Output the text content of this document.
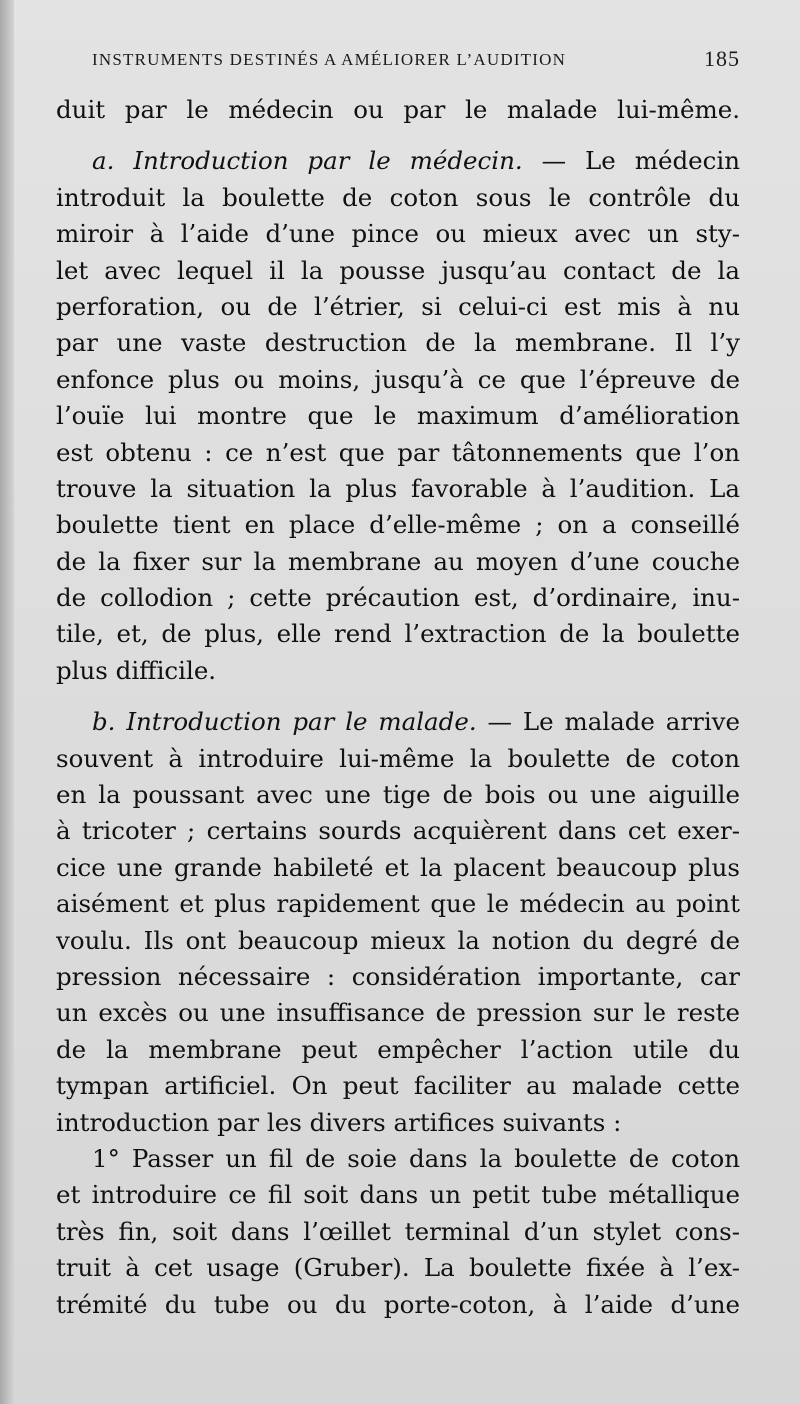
INSTRUMENTS DESTINÉS A AMÉLIORER L’AUDITION	185
duit par le médecin ou par le malade lui-même.
a. Introduction par le médecin. — Le médecin
introduit la boulette de coton sous le contrôle du
miroir à l’aide d’une pince ou mieux avec un sty-
let avec lequel il la pousse jusqu’au contact de la
perforation, ou de l’étrier, si celui-ci est mis à nu
par une vaste destruction de la membrane. Il l’y
enfonce plus ou moins, jusqu’à ce que l’épreuve de
l’ouïe lui montre que le maximum d’amélioration
est obtenu : ce n’est que par tâtonnements que l’on
trouve la situation la plus favorable à l’audition. La
boulette tient en place d’elle-même ; on a conseillé
de la fixer sur la membrane au moyen d’une couche
de collodion ; cette précaution est, d’ordinaire, inu-
tile, et, de plus, elle rend l’extraction de la boulette
plus difficile.
b. Introduction par le malade. — Le malade arrive
souvent à introduire lui-même la boulette de coton
en la poussant avec une tige de bois ou une aiguille
à tricoter ; certains sourds acquièrent dans cet exer-
cice une grande habileté et la placent beaucoup plus
aisément et plus rapidement que le médecin au point
voulu. Ils ont beaucoup mieux la notion du degré de
pression nécessaire : considération importante, car
un excès ou une insuffisance de pression sur le reste
de la membrane peut empêcher l’action utile du
tympan artificiel. On peut faciliter au malade cette
introduction par les divers artifices suivants :
1° Passer un fil de soie dans la boulette de coton
et introduire ce fil soit dans un petit tube métallique
très fin, soit dans l’œillet terminal d’un stylet cons-
truit à cet usage (Gruber). La boulette fixée à l’ex-
trémité du tube ou du porte-coton, à l’aide d’une
